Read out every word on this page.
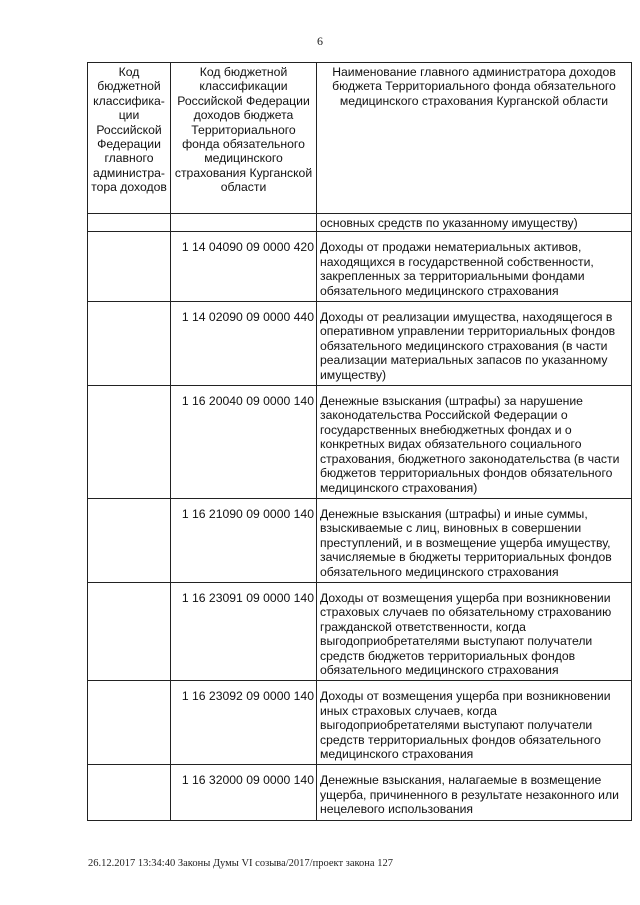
6
Код бюджетной классифика-ции Российской Федерации главного администра-тора доходов	Код бюджетной классификации Российской Федерации доходов бюджета Территориального фонда обязательного медицинского страхования Курганской области	Наименование главного администратора доходов бюджета Территориального фонда обязательного медицинского страхования Курганской области
		основных средств по указанному имуществу)
	1 14 04090 09 0000 420	Доходы от продажи нематериальных активов, находящихся в государственной собственности, закрепленных за территориальными фондами обязательного медицинского страхования
	1 14 02090 09 0000 440	Доходы от реализации имущества, находящегося в оперативном управлении территориальных фондов обязательного медицинского страхования (в части реализации материальных запасов по указанному имуществу)
	1 16 20040 09 0000 140	Денежные взыскания (штрафы) за нарушение законодательства Российской Федерации о государственных внебюджетных фондах и о конкретных видах обязательного социального страхования, бюджетного законодательства (в части бюджетов территориальных фондов обязательного медицинского страхования)
	1 16 21090 09 0000 140	Денежные взыскания (штрафы) и иные суммы, взыскиваемые с лиц, виновных в совершении преступлений, и в возмещение ущерба имуществу, зачисляемые в бюджеты территориальных фондов обязательного медицинского страхования
	1 16 23091 09 0000 140	Доходы от возмещения ущерба при возникновении страховых случаев по обязательному страхованию гражданской ответственности, когда выгодоприобретателями выступают получатели средств бюджетов территориальных фондов обязательного медицинского страхования
	1 16 23092 09 0000 140	Доходы от возмещения ущерба при возникновении иных страховых случаев, когда выгодоприобретателями выступают получатели средств территориальных фондов обязательного медицинского страхования
	1 16 32000 09 0000 140	Денежные взыскания, налагаемые в возмещение ущерба, причиненного в результате незаконного или нецелевого использования
26.12.2017 13:34:40 Законы Думы VI созыва/2017/проект закона 127
